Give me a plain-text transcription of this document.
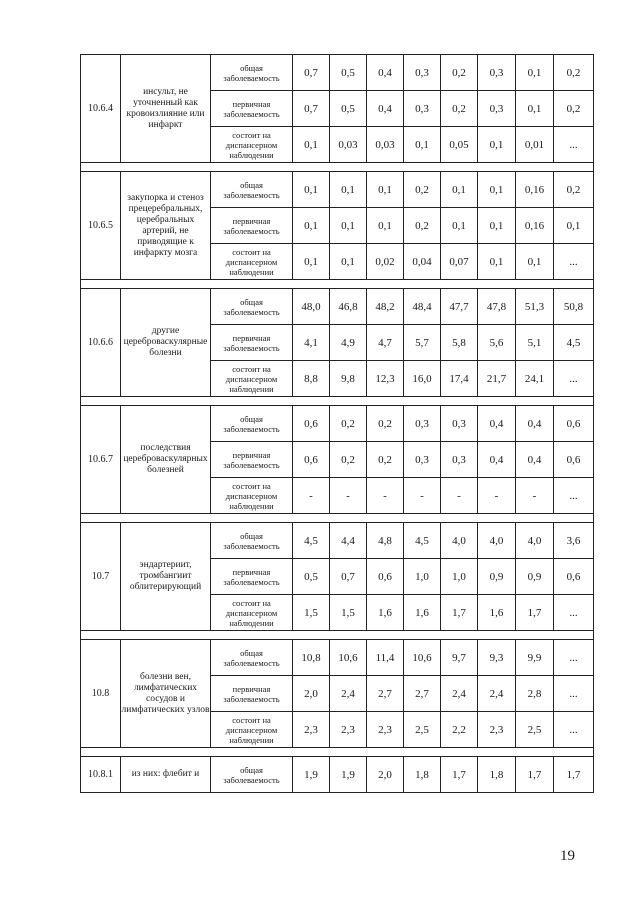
10.6.4	инсульт, не уточненный как кровоизлияние или инфаркт	общая заболеваемость	0,7	0,5	0,4	0,3	0,2	0,3	0,1	0,2
		первичная заболеваемость	0,7	0,5	0,4	0,3	0,2	0,3	0,1	0,2
		состоит на диспансерном наблюдении	0,1	0,03	0,03	0,1	0,05	0,1	0,01	...

10.6.5	закупорка и стеноз прецеребральных, церебральных артерий, не приводящие к инфаркту мозга	общая заболеваемость	0,1	0,1	0,1	0,2	0,1	0,1	0,16	0,2
		первичная заболеваемость	0,1	0,1	0,1	0,2	0,1	0,1	0,16	0,1
		состоит на диспансерном наблюдении	0,1	0,1	0,02	0,04	0,07	0,1	0,1	...

10.6.6	другие цереброваскулярные болезни	общая заболеваемость	48,0	46,8	48,2	48,4	47,7	47,8	51,3	50,8
		первичная заболеваемость	4,1	4,9	4,7	5,7	5,8	5,6	5,1	4,5
		состоит на диспансерном наблюдении	8,8	9,8	12,3	16,0	17,4	21,7	24,1	...

10.6.7	последствия цереброваскулярных болезней	общая заболеваемость	0,6	0,2	0,2	0,3	0,3	0,4	0,4	0,6
		первичная заболеваемость	0,6	0,2	0,2	0,3	0,3	0,4	0,4	0,6
		состоит на диспансерном наблюдении	-	-	-	-	-	-	-	...

10.7	эндартериит, тромбангиит облитерирующий	общая заболеваемость	4,5	4,4	4,8	4,5	4,0	4,0	4,0	3,6
		первичная заболеваемость	0,5	0,7	0,6	1,0	1,0	0,9	0,9	0,6
		состоит на диспансерном наблюдении	1,5	1,5	1,6	1,6	1,7	1,6	1,7	...

10.8	болезни вен, лимфатических сосудов и лимфатических узлов	общая заболеваемость	10,8	10,6	11,4	10,6	9,7	9,3	9,9	...
		первичная заболеваемость	2,0	2,4	2,7	2,7	2,4	2,4	2,8	...
		состоит на диспансерном наблюдении	2,3	2,3	2,3	2,5	2,2	2,3	2,5	...

10.8.1	из них: флебит и	общая заболеваемость	1,9	1,9	2,0	1,8	1,7	1,8	1,7	1,7
19
